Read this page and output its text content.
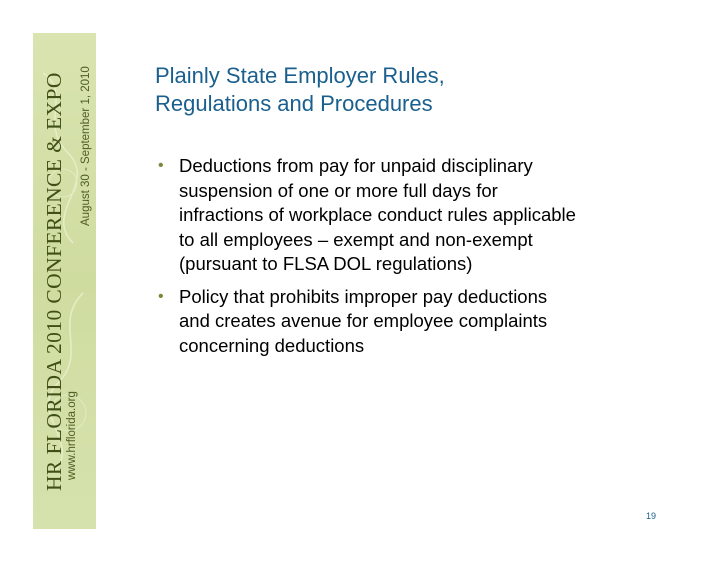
HR FLORIDA 2010 CONFERENCE & EXPO www.hrflorida.org
August 30 - September 1, 2010	Plainly State Employer Rules,
Regulations and Procedures
• Deductions from pay for unpaid disciplinary
suspension of one or more full days for
infractions of workplace conduct rules applicable
to all employees – exempt and non-exempt
(pursuant to FLSA DOL regulations)
• Policy that prohibits improper pay deductions
and creates avenue for employee complaints
concerning deductions
19
